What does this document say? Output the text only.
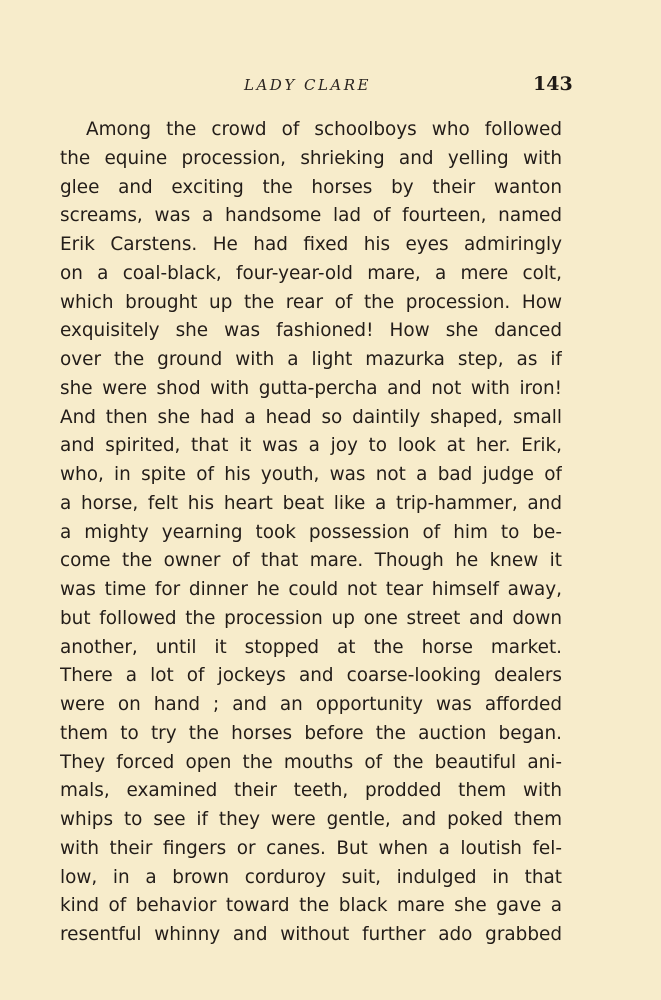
LADY CLARE	143
Among the crowd of schoolboys who followed
the equine procession, shrieking and yelling with
glee and exciting the horses by their wanton
screams, was a handsome lad of fourteen, named
Erik Carstens. He had fixed his eyes admiringly
on a coal-black, four-year-old mare, a mere colt,
which brought up the rear of the procession. How
exquisitely she was fashioned! How she danced
over the ground with a light mazurka step, as if
she were shod with gutta-percha and not with iron!
And then she had a head so daintily shaped, small
and spirited, that it was a joy to look at her. Erik,
who, in spite of his youth, was not a bad judge of
a horse, felt his heart beat like a trip-hammer, and
a mighty yearning took possession of him to be-
come the owner of that mare. Though he knew it
was time for dinner he could not tear himself away,
but followed the procession up one street and down
another, until it stopped at the horse market.
There a lot of jockeys and coarse-looking dealers
were on hand ; and an opportunity was afforded
them to try the horses before the auction began.
They forced open the mouths of the beautiful ani-
mals, examined their teeth, prodded them with
whips to see if they were gentle, and poked them
with their fingers or canes. But when a loutish fel-
low, in a brown corduroy suit, indulged in that
kind of behavior toward the black mare she gave a
resentful whinny and without further ado grabbed
